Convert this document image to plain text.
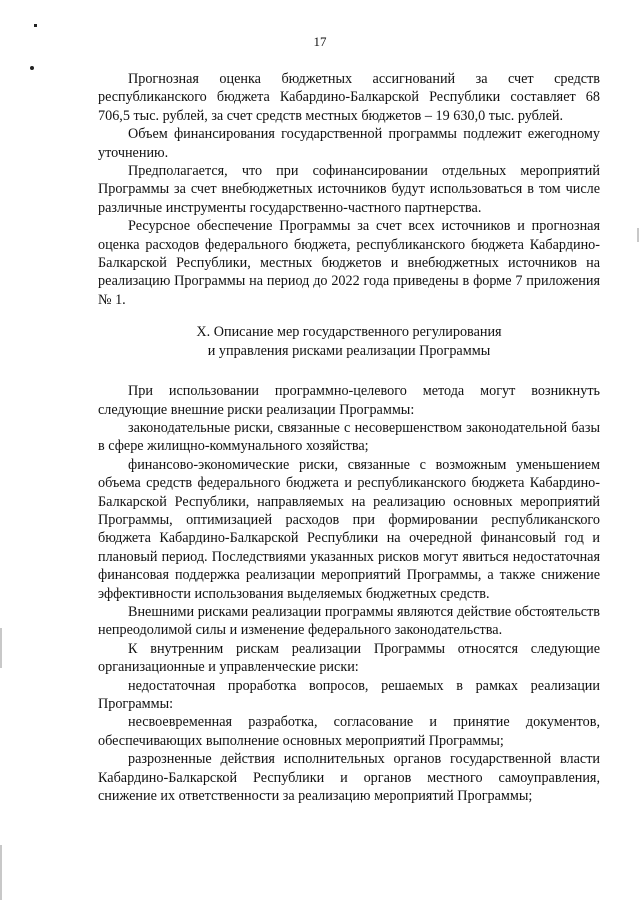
17

Прогнозная оценка бюджетных ассигнований за счет средств республиканского бюджета Кабардино-Балкарской Республики составляет 68 706,5 тыс. рублей, за счет средств местных бюджетов – 19 630,0 тыс. рублей.

Объем финансирования государственной программы подлежит ежегодному уточнению.

Предполагается, что при софинансировании отдельных мероприятий Программы за счет внебюджетных источников будут использоваться в том числе различные инструменты государственно-частного партнерства.

Ресурсное обеспечение Программы за счет всех источников и прогнозная оценка расходов федерального бюджета, республиканского бюджета Кабардино-Балкарской Республики, местных бюджетов и внебюджетных источников на реализацию Программы на период до 2022 года приведены в форме 7 приложения № 1.

X. Описание мер государственного регулирования
и управления рисками реализации Программы

При использовании программно-целевого метода могут возникнуть следующие внешние риски реализации Программы:

законодательные риски, связанные с несовершенством законодательной базы в сфере жилищно-коммунального хозяйства;

финансово-экономические риски, связанные с возможным уменьшением объема средств федерального бюджета и республиканского бюджета Кабардино-Балкарской Республики, направляемых на реализацию основных мероприятий Программы, оптимизацией расходов при формировании республиканского бюджета Кабардино-Балкарской Республики на очередной финансовый год и плановый период. Последствиями указанных рисков могут явиться недостаточная финансовая поддержка реализации мероприятий Программы, а также снижение эффективности использования выделяемых бюджетных средств.

Внешними рисками реализации программы являются действие обстоятельств непреодолимой силы и изменение федерального законодательства.

К внутренним рискам реализации Программы относятся следующие организационные и управленческие риски:

недостаточная проработка вопросов, решаемых в рамках реализации Программы:

несвоевременная разработка, согласование и принятие документов, обеспечивающих выполнение основных мероприятий Программы;

разрозненные действия исполнительных органов государственной власти Кабардино-Балкарской Республики и органов местного самоуправления, снижение их ответственности за реализацию мероприятий Программы;
